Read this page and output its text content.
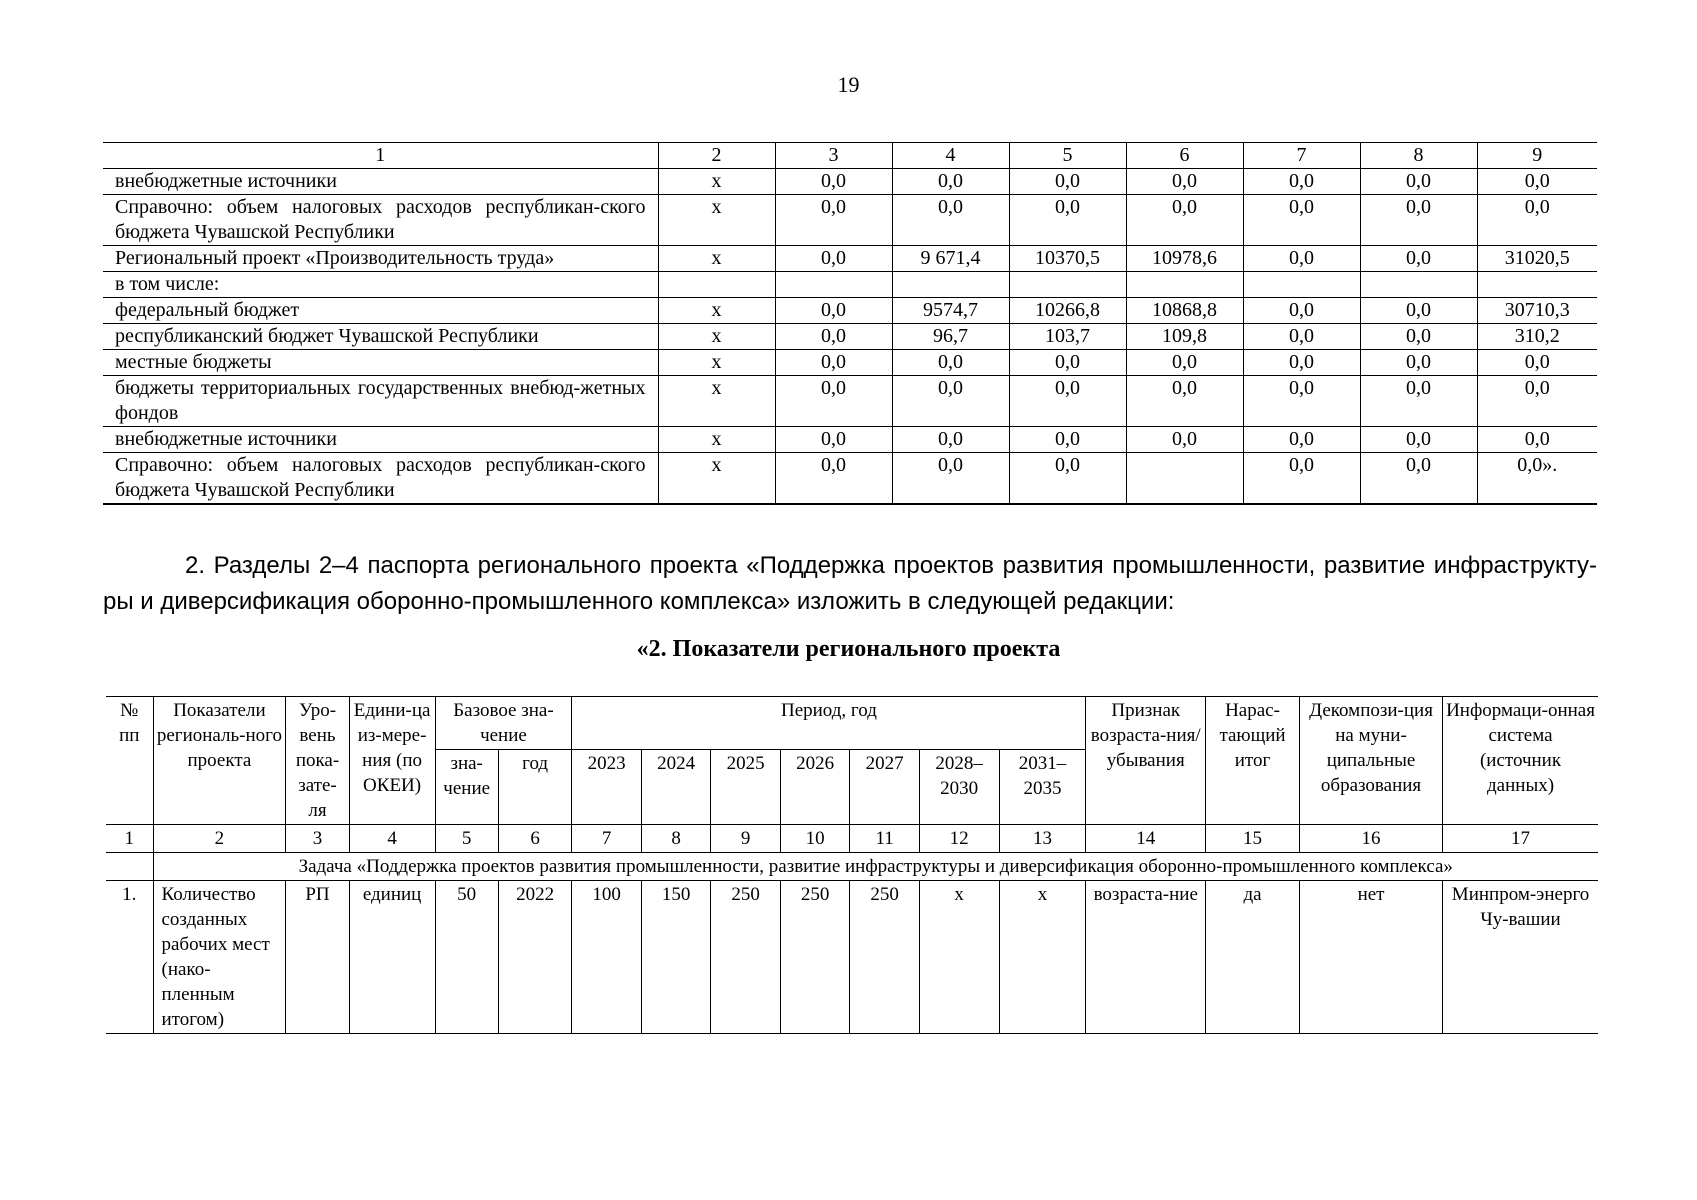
19
1	2	3	4	5	6	7	8	9
внебюджетные источники	x	0,0	0,0	0,0	0,0	0,0	0,0	0,0
Справочно: объем налоговых расходов республикан-ского бюджета Чувашской Республики	x	0,0	0,0	0,0	0,0	0,0	0,0	0,0
Региональный проект «Производительность труда»	x	0,0	9 671,4	10370,5	10978,6	0,0	0,0	31020,5
в том числе:								
федеральный бюджет	x	0,0	9574,7	10266,8	10868,8	0,0	0,0	30710,3
республиканский бюджет Чувашской Республики	x	0,0	96,7	103,7	109,8	0,0	0,0	310,2
местные бюджеты	x	0,0	0,0	0,0	0,0	0,0	0,0	0,0
бюджеты территориальных государственных внебюд-жетных фондов	x	0,0	0,0	0,0	0,0	0,0	0,0	0,0
внебюджетные источники	x	0,0	0,0	0,0	0,0	0,0	0,0	0,0
Справочно: объем налоговых расходов республикан-ского бюджета Чувашской Республики	x	0,0	0,0	0,0		0,0	0,0	0,0».
2. Разделы 2–4 паспорта регионального проекта «Поддержка проектов развития промышленности, развитие инфраструкту-ры и диверсификация оборонно-промышленного комплекса» изложить в следующей редакции:
«2. Показатели регионального проекта
№ пп	Показатели региональ-ного проекта	Уро-вень пока-зате-ля	Едини-ца из-мере-ния (по ОКЕИ)	Базовое зна-чение		Период, год							Признак возраста-ния/ убывания	Нарас-тающий итог	Декомпози-ция на муни-ципальные образования	Информаци-онная система (источник данных)
				зна-чение	год	2023	2024	2025	2026	2027	2028–2030	2031–2035				

1	2	3	4	5	6	7	8	9	10	11	12	13	14	15	16	17
	Задача «Поддержка проектов развития промышленности, развитие инфраструктуры и диверсификация оборонно-промышленного комплекса»															
1.	Количество созданных рабочих мест (нако-пленным итогом)	РП	единиц	50	2022	100	150	250	250	250	x	x	возраста-ние	да	нет	Минпром-энерго Чу-вашии
